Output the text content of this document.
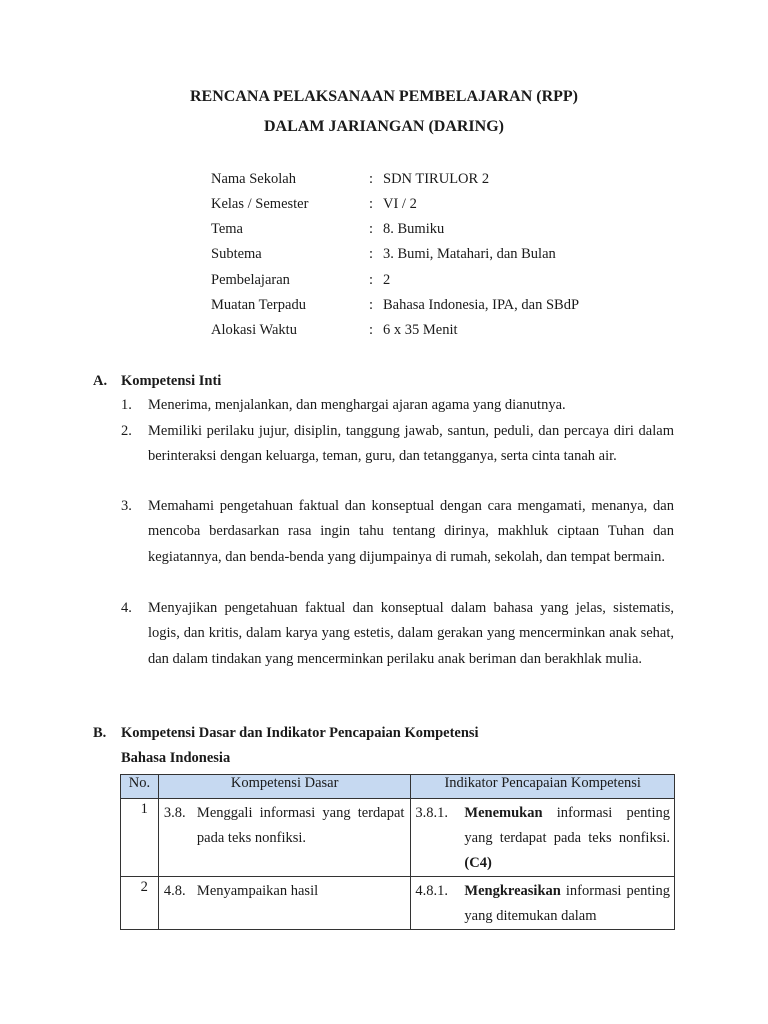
RENCANA PELAKSANAAN PEMBELAJARAN (RPP)
DALAM JARIANGAN (DARING)
Nama Sekolah	: SDN TIRULOR 2
Kelas / Semester	: VI / 2
Tema	: 8. Bumiku
Subtema	: 3. Bumi, Matahari, dan Bulan
Pembelajaran	: 2
Muatan Terpadu	: Bahasa Indonesia, IPA, dan SBdP
Alokasi Waktu	: 6 x 35 Menit
A. Kompetensi Inti
1. Menerima, menjalankan, dan menghargai ajaran agama yang dianutnya.
2. Memiliki perilaku jujur, disiplin, tanggung jawab, santun, peduli, dan percaya diri dalam berinteraksi dengan keluarga, teman, guru, dan tetangganya, serta cinta tanah air.
3. Memahami pengetahuan faktual dan konseptual dengan cara mengamati, menanya, dan mencoba berdasarkan rasa ingin tahu tentang dirinya, makhluk ciptaan Tuhan dan kegiatannya, dan benda-benda yang dijumpainya di rumah, sekolah, dan tempat bermain.
4. Menyajikan pengetahuan faktual dan konseptual dalam bahasa yang jelas, sistematis, logis, dan kritis, dalam karya yang estetis, dalam gerakan yang mencerminkan anak sehat, dan dalam tindakan yang mencerminkan perilaku anak beriman dan berakhlak mulia.
B. Kompetensi Dasar dan Indikator Pencapaian Kompetensi
Bahasa Indonesia
No.	Kompetensi Dasar	Indikator Pencapaian Kompetensi
1	3.8. Menggali informasi yang terdapat pada teks nonfiksi.	3.8.1. Menemukan informasi penting yang terdapat pada teks nonfiksi. (C4)

2	4.8. Menyampaikan hasil	4.8.1. Mengkreasikan informasi penting yang ditemukan dalam
